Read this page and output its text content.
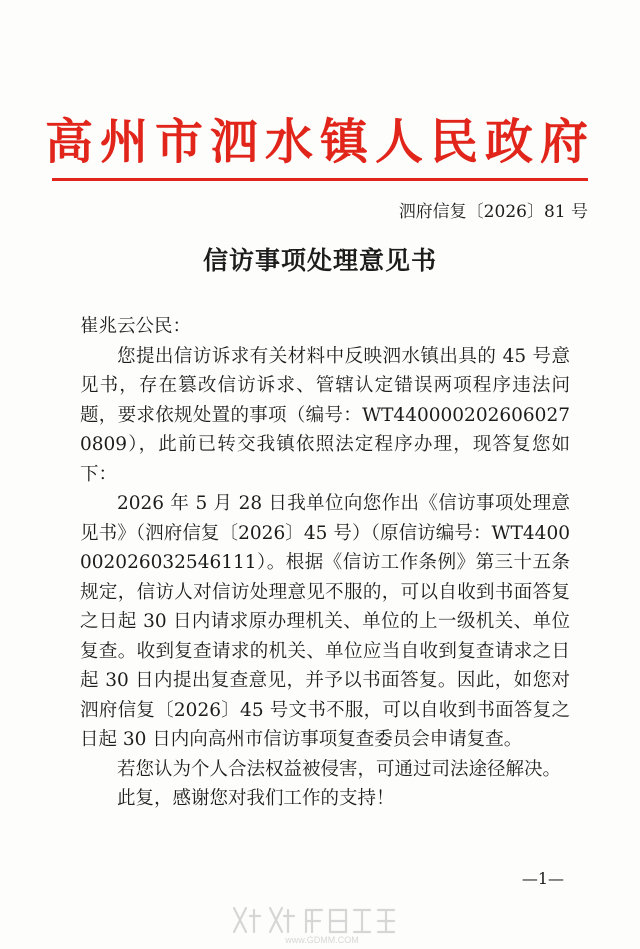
高州市泗水镇人民政府
泗府信复〔2026〕81 号
信访事项处理意见书

崔兆云公民：

您提出信访诉求有关材料中反映泗水镇出具的 45 号意见书，存在篡改信访诉求、管辖认定错误两项程序违法问题，要求依规处置的事项（编号：WT4400002026060270809），此前已转交我镇依照法定程序办理，现答复您如下：

2026 年 5 月 28 日我单位向您作出《信访事项处理意见书》（泗府信复〔2026〕45 号）（原信访编号：WT4400002026032546111）。根据《信访工作条例》第三十五条规定，信访人对信访处理意见不服的，可以自收到书面答复之日起 30 日内请求原办理机关、单位的上一级机关、单位复查。收到复查请求的机关、单位应当自收到复查请求之日起 30 日内提出复查意见，并予以书面答复。因此，如您对泗府信复〔2026〕45 号文书不服，可以自收到书面答复之日起 30 日内向高州市信访事项复查委员会申请复查。

若您认为个人合法权益被侵害，可通过司法途径解决。

此复，感谢您对我们工作的支持！

—1—
www.GDMM.COM
